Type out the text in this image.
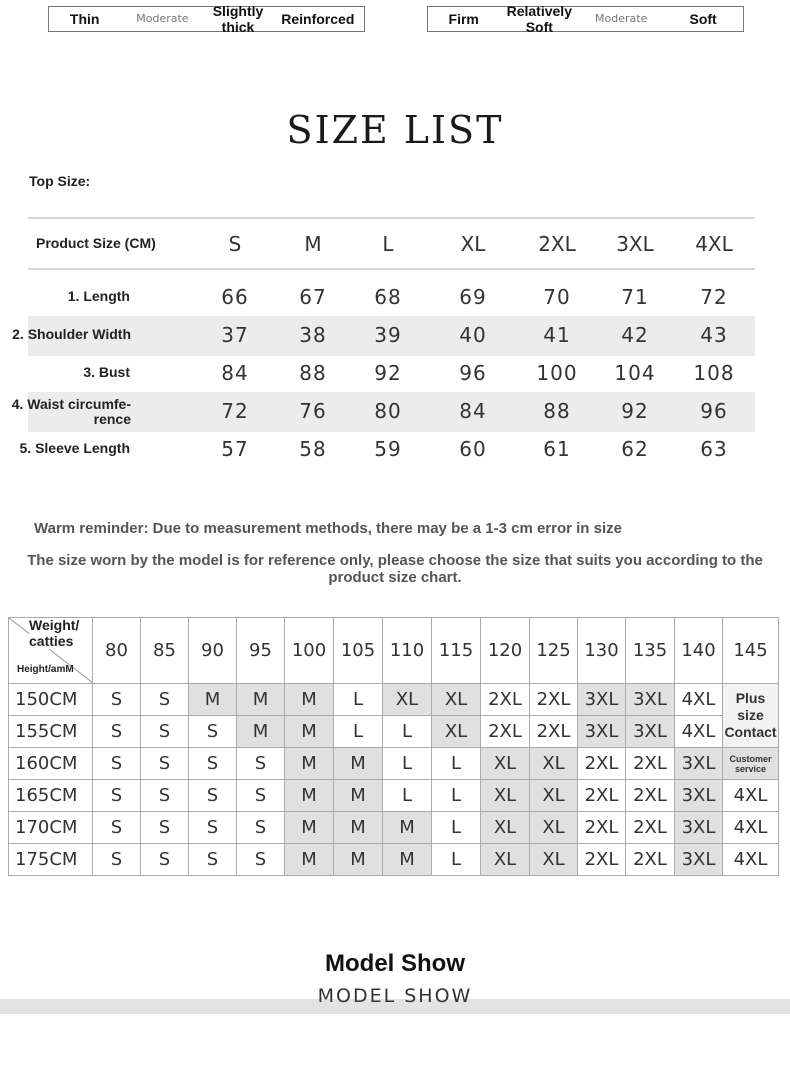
Thin	Moderate	Slightly thick	Reinforced	Firm	Relatively Soft
Moderate	Soft
SIZE LIST
Top Size:
Product Size (CM)	S	M	L	XL	2XL	3XL	4XL
1. Length	66	67	68	69	70	71	72
2. Shoulder Width	37	38	39	40	41	42	43
3. Bust	84	88	92	96	100	104	108
4. Waist circumfe-
rence	72	76	80	84	88	92	96
5. Sleeve Length	57	58	59	60	61	62	63
Warm reminder: Due to measurement methods, there may be a 1-3 cm error in size
The size worn by the model is for reference only, please choose the size that suits you according to the product size chart.
Weight/ catties
Height/amM	80	85	90	95	100	105	110	115	120	125	130	135	140	145
150CM	S	S	M	M	M	L	XL	XL	2XL	2XL	3XL	3XL	4XL	Plus size Contact
155CM	S	S	S	M	M	L	L	XL	2XL	2XL	3XL	3XL	4XL	
160CM	S	S	S	S	M	M	L	L	XL	XL	2XL	2XL	3XL	Customer service
165CM	S	S	S	S	M	M	L	L	XL	XL	2XL	2XL	3XL	4XL
170CM	S	S	S	S	M	M	M	L	XL	XL	2XL	2XL	3XL	4XL
175CM	S	S	S	S	M	M	M	L	XL	XL	2XL	2XL	3XL	4XL
Model Show
MODEL SHOW
